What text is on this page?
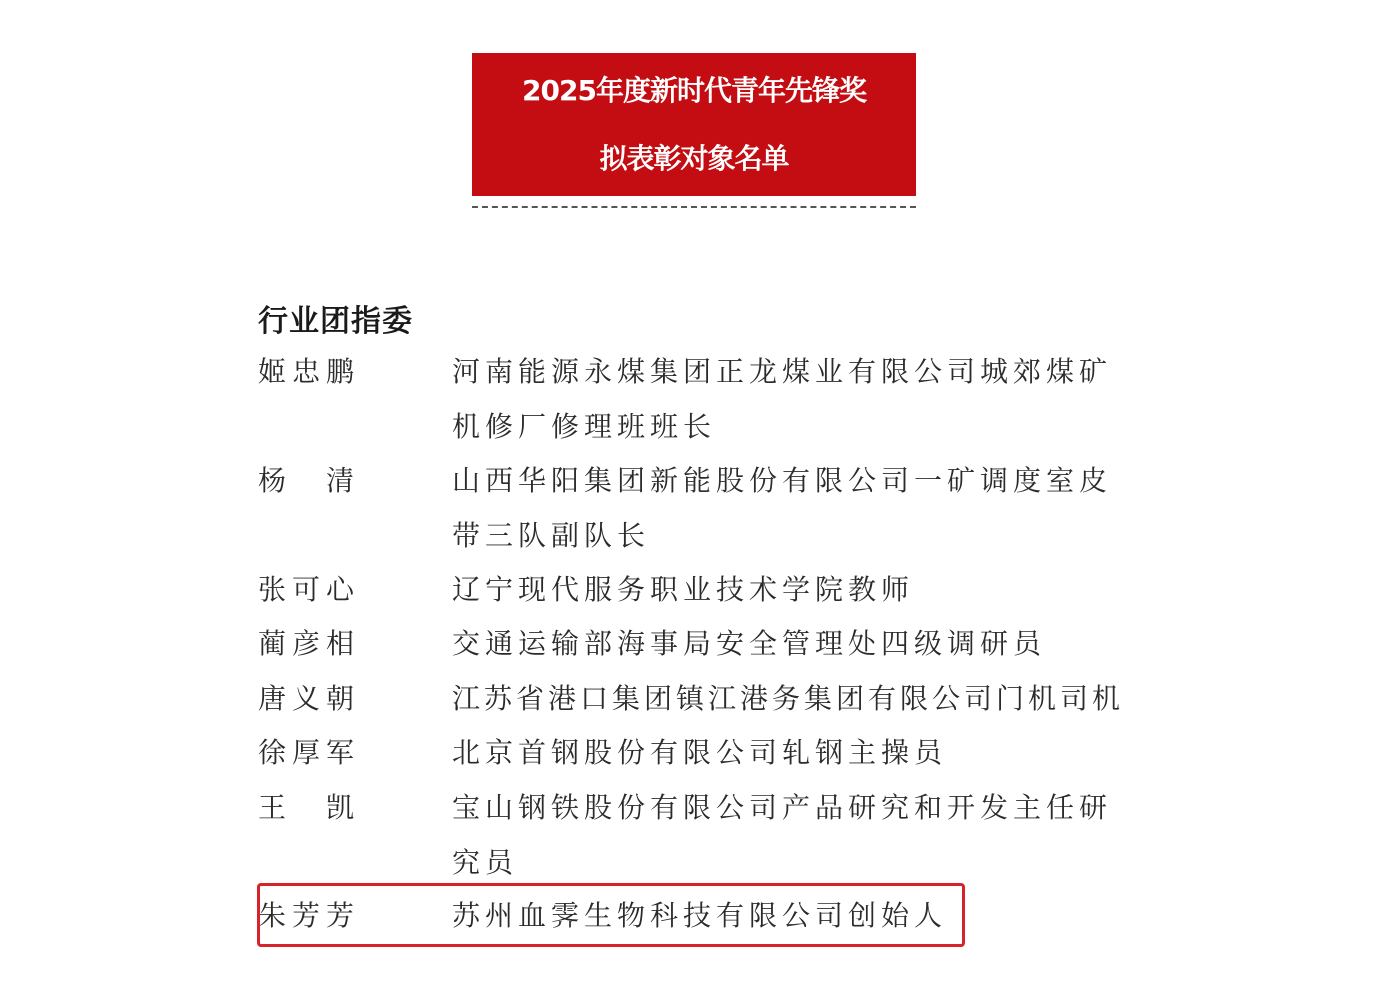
2025年度新时代青年先锋奖
拟表彰对象名单
行业团指委
姬 忠 鹏	河南能源永煤集团正龙煤业有限公司城郊煤矿机修厂修理班班长
杨 清	山西华阳集团新能股份有限公司一矿调度室皮带三队副队长
张 可 心	辽宁现代服务职业技术学院教师
蔺 彦 相	交通运输部海事局安全管理处四级调研员
唐 义 朝	江苏省港口集团镇江港务集团有限公司门机司机
徐 厚 军	北京首钢股份有限公司轧钢主操员
王 凯	宝山钢铁股份有限公司产品研究和开发主任研究员
朱 芳 芳	苏州血霁生物科技有限公司创始人
